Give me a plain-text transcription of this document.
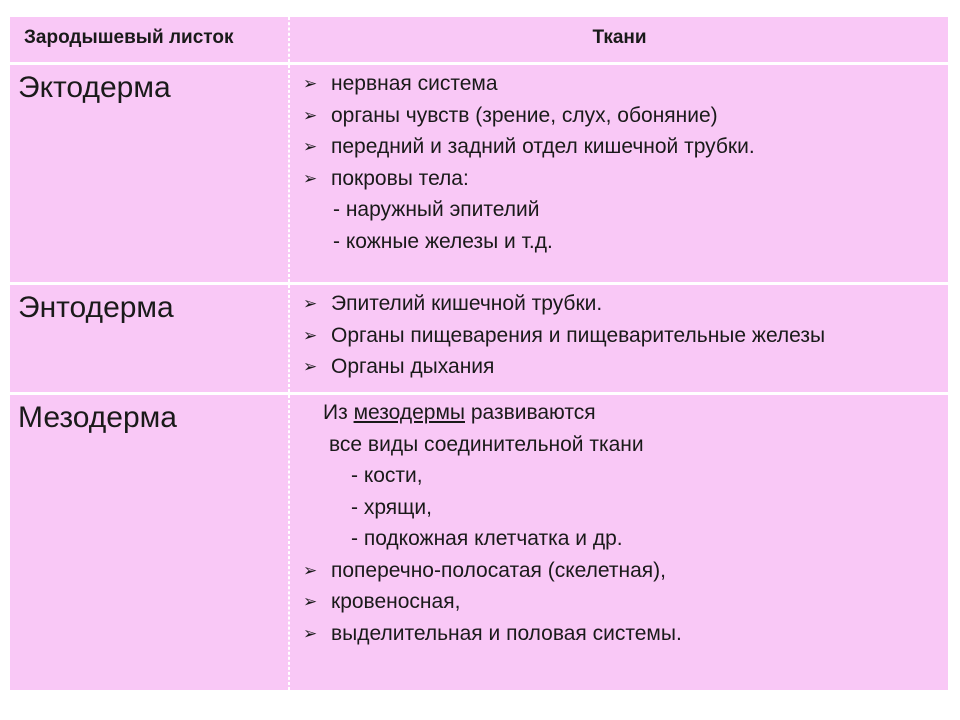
Зародышевый листок	Ткани
Эктодерма	➢ нервная система
➢ органы чувств (зрение, слух, обоняние)
➢ передний и задний отдел кишечной трубки.
➢ покровы тела:
- наружный эпителий
- кожные железы и т.д.
Энтодерма	➢ Эпителий кишечной трубки.
➢ Органы пищеварения и пищеварительные железы
➢ Органы дыхания
Мезодерма	Из мезодермы развиваются
все виды соединительной ткани
- кости,
- хрящи,
- подкожная клетчатка и др.
➢ поперечно-полосатая (скелетная),
➢ кровеносная,
➢ выделительная и половая системы.
